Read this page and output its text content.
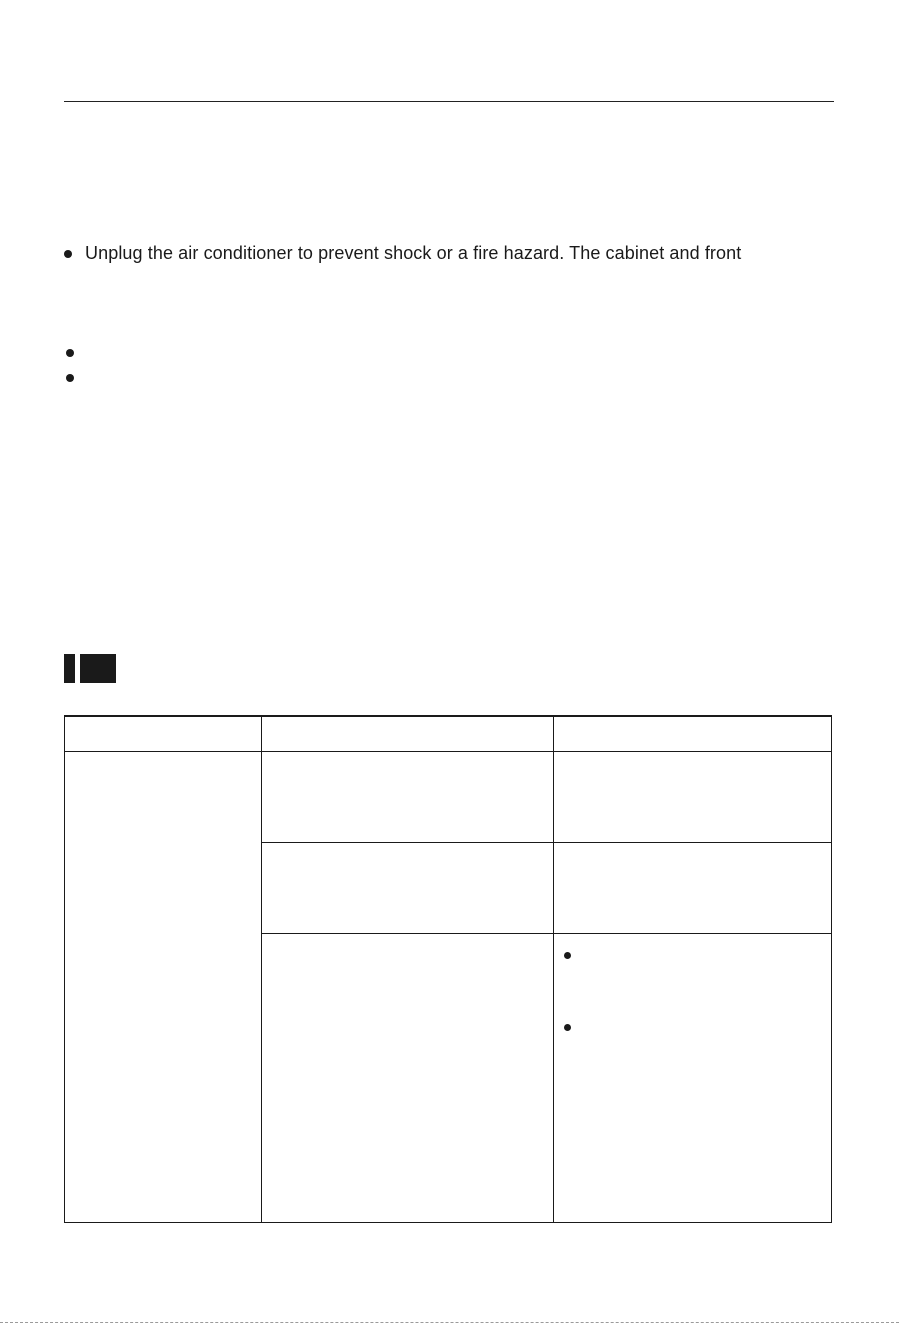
Unplug the air conditioner to prevent shock or a fire hazard. The cabinet and front
